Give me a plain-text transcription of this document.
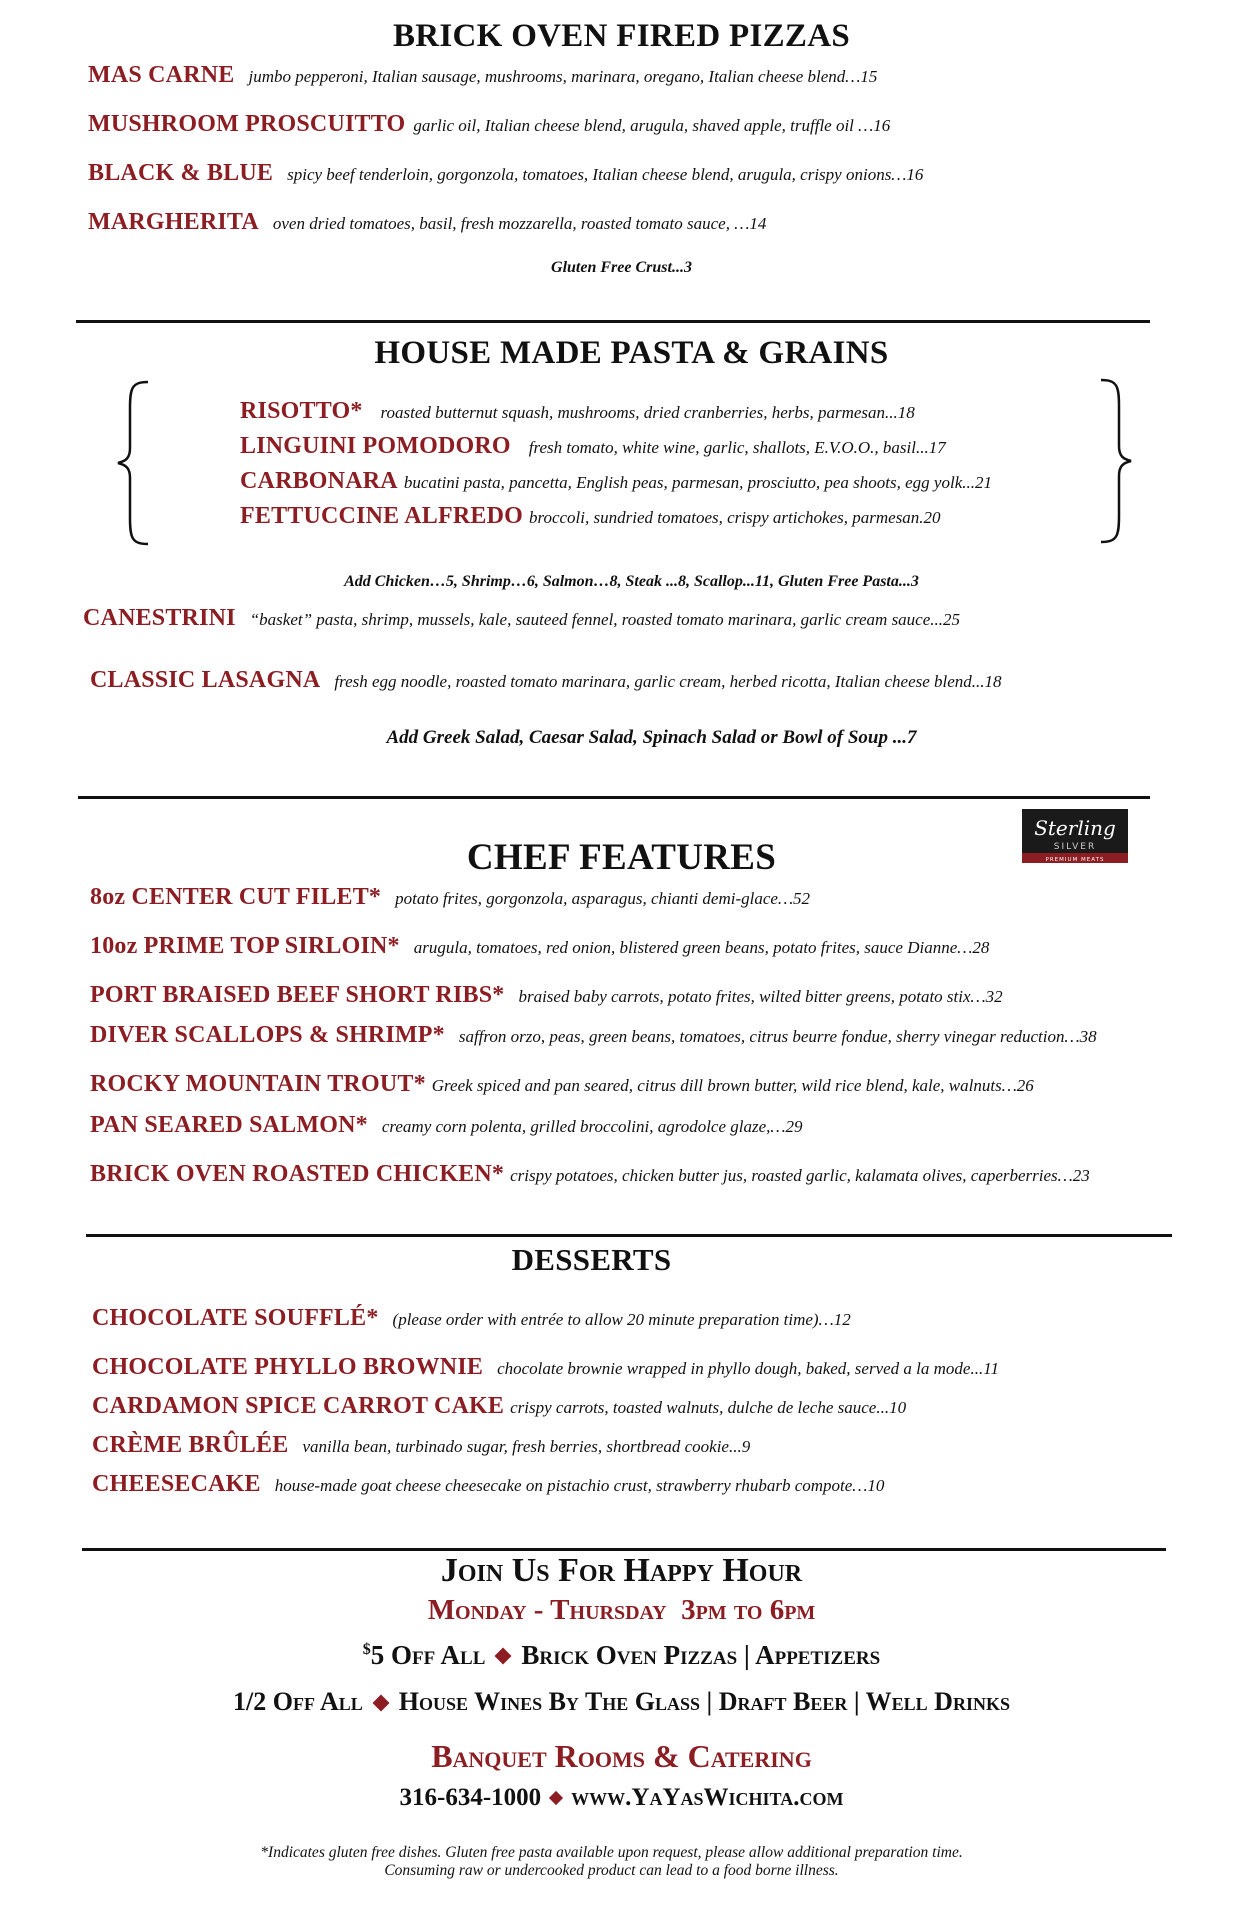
BRICK OVEN FIRED PIZZAS
MAS CARNE jumbo pepperoni, Italian sausage, mushrooms, marinara, oregano, Italian cheese blend…15
MUSHROOM PROSCUITTO garlic oil, Italian cheese blend, arugula, shaved apple, truffle oil …16
BLACK & BLUE spicy beef tenderloin, gorgonzola, tomatoes, Italian cheese blend, arugula, crispy onions…16
MARGHERITA oven dried tomatoes, basil, fresh mozzarella, roasted tomato sauce, …14
Gluten Free Crust...3
HOUSE MADE PASTA & GRAINS
RISOTTO* roasted butternut squash, mushrooms, dried cranberries, herbs, parmesan...18
LINGUINI POMODORO fresh tomato, white wine, garlic, shallots, E.V.O.O., basil...17
CARBONARA bucatini pasta, pancetta, English peas, parmesan, prosciutto, pea shoots, egg yolk...21
FETTUCCINE ALFREDO broccoli, sundried tomatoes, crispy artichokes, parmesan.20
Add Chicken…5, Shrimp…6, Salmon…8, Steak ...8, Scallop...11, Gluten Free Pasta...3
CANESTRINI “basket” pasta, shrimp, mussels, kale, sauteed fennel, roasted tomato marinara, garlic cream sauce...25
CLASSIC LASAGNA fresh egg noodle, roasted tomato marinara, garlic cream, herbed ricotta, Italian cheese blend...18
Add Greek Salad, Caesar Salad, Spinach Salad or Bowl of Soup ...7
Sterling
SILVER
PREMIUM MEATS
CHEF FEATURES
8oz CENTER CUT FILET* potato frites, gorgonzola, asparagus, chianti demi-glace…52
10oz PRIME TOP SIRLOIN* arugula, tomatoes, red onion, blistered green beans, potato frites, sauce Dianne…28
PORT BRAISED BEEF SHORT RIBS* braised baby carrots, potato frites, wilted bitter greens, potato stix…32
DIVER SCALLOPS & SHRIMP* saffron orzo, peas, green beans, tomatoes, citrus beurre fondue, sherry vinegar reduction…38
ROCKY MOUNTAIN TROUT* Greek spiced and pan seared, citrus dill brown butter, wild rice blend, kale, walnuts…26
PAN SEARED SALMON* creamy corn polenta, grilled broccolini, agrodolce glaze,…29
BRICK OVEN ROASTED CHICKEN* crispy potatoes, chicken butter jus, roasted garlic, kalamata olives, caperberries…23
DESSERTS
CHOCOLATE SOUFFLÉ* (please order with entrée to allow 20 minute preparation time)…12
CHOCOLATE PHYLLO BROWNIE chocolate brownie wrapped in phyllo dough, baked, served a la mode...11
CARDAMON SPICE CARROT CAKE crispy carrots, toasted walnuts, dulche de leche sauce...10
CRÈME BRÛLÉE vanilla bean, turbinado sugar, fresh berries, shortbread cookie...9
CHEESECAKE house-made goat cheese cheesecake on pistachio crust, strawberry rhubarb compote…10
Join Us For Happy Hour
Monday - Thursday  3pm to 6pm
$5 Off All Brick Oven Pizzas | Appetizers
1/2 Off All House Wines By The Glass | Draft Beer | Well Drinks
Banquet Rooms & Catering
316-634-1000 www.YaYasWichita.com
*Indicates gluten free dishes. Gluten free pasta available upon request, please allow additional preparation time.
Consuming raw or undercooked product can lead to a food borne illness.
